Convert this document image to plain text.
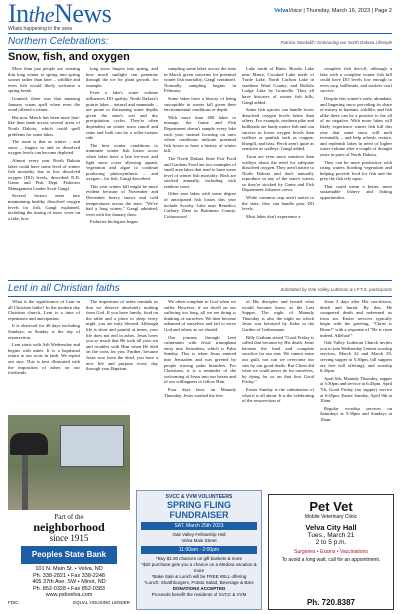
IntheNews
Whats happening in the area
VelvaVoice | Thursday, March 16, 2023 | Page 2
Northern Celebrations:	Patricia Stockdill / Embracing our North Dakota Lifestyle
Snow, fish, and oxygen

More than just people are wearing thin long winter to spring into spring sooner rather than later – wildlife and even fish would likely welcome a spring break.

Granted, there was that amazing January warm spell when even the wind offered a winter.

But now March has been more lion-like than lamb across several areas of North Dakota, which could spell problems for some lakes.

The issue is that as winter – and snow – lingers so and so dissolved oxygen levels can become depleted.

Almost every year North Dakota lakes could have some level of winter fish mortality due to low dissolved oxygen (DO) levels, described N.D. Game and Fish Dept. Fisheries Management Leader Scott Gangl.

Several factors enter into maintaining healthy dissolved oxygen levels for fish, Gangl explained, including the timing of snow cover on a lake, how

long snow lingers into spring, and how much sunlight can penetrate through the ice for plant growth, for example.

Even a lake's water volume influences DO quality. North Dakota's prairie lakes – natural and manmade – are prone to fluctuating water depths given the state's wet and dry precipitation cycles. They're often dependent on winter snow runoff and rains and both can be a roller-coaster ride.

The best winter conditions to minimize winter fish losses occur when lakes have a late ice-over and light snow cover allowing aquatic vegetation and algae to continue producing photosynthesis – and oxygen – for fish, Gangl described.

This year winter kill might be more evident because of November and December heavy snows and cold temperatures across the state. "We've had a long winter," Gangl admitted, even with the January thaw.

Fisheries biologists began

sampling some lakes across the state in March given concerns for potential winter fish mortality, Gangl continued. Normally sampling begins in February.

Some lakes have a history of being susceptible to winter kill given their environmental conditions or depth.

With more than 400 lakes to manage, the Game and Fish Department doesn't sample every lake each year, instead focusing on ones where conditions indicate potential fish losses or have a history of winter kill.

The North Dakota State Fair Food and Gardens Food are two examples of small area lakes that tend to have some level of winter fish mortality. Both are stocked annually, including with rainbow trout.

Other area lakes with some degree of anticipated fish losses this year include Scooby Lake near Benedict, Carbury Dam in Bottineau County, Cottonwood

Lake north of Butte, Brooks Lake near Minot, Crooked Lake north of Turtle Lake, North Carlson Lake in southern Ward County, and Buffalo Lodge Lake by Granville. They all have histories of winter fish kills, Gangl added.

Some fish species can handle lower dissolved oxygen levels better than others. For example, northern pike and bullheads are hardy native fish and can survive in lower oxygen levels than walleye or panfish such as crappie, bluegill, and bass. Perch aren't quite as sensitive as walleye, Gangl added.

Trout are even more sensitive than walleye about the need for adequate dissolved oxygen. They aren't native to North Dakota and don't naturally reproduce in any of the state's waters so they're stocked by Game and Fish Department fisheries crews.

While common carp aren't native to the state, they can handle poor DO levels.

Most lakes don't experience a

complete fish die-off, although a lake with a complete winter fish kill could have DO levels low enough to even carp, bullheads, and suckers can't survive.

Despite this winter's early, abundant, and lingering snow providing its share of misery to humans, wildlife, and fish alike there can be a positive to the all of no negative. With more lakes will likely experience winter fish kill this year that same snow will melt eventually – and help refresh, restore, and replenish lakes in need of higher water volume after a couple of drought years in parts of North Dakota.

They can be more productive with rising waters flooding vegetation and helping provide food for fish and the prey the fish rely upon.

That could mean a better, more sustainable fishery and fishing opportunities.

Lent in all Christian faiths	Submitted by Oak Valley Lutheran & I.F.T.S. participants

What is the significance of Lent in all Christian faiths? In the modern day Christian church, Lent is a time of repentance and anticipation.

It is observed for 40 days excluding Sundays, as Sunday is the day of resurrection.

Lent starts with Ash Wednesday and begins with ashes. It is a baptismal return to our roots in faith. We repent our sins. This is best illustrated with the imposition of ashes on our foreheads.

The imposition of ashes reminds us that we deserve absolutely nothing from God. If you have family, food on the table and a place to sleep every night, you are truly blessed. Although life is short and painful at times, your life does not end in ashes. Jesus loves you so much that He took all your sin and troubles with Him when He died on the cross for you. Further, because Jesus rose from the dead, you have a new life and purpose every day through your Baptism.

We often complain to God when we suffer. However, if we dwell on our suffering too long, all we are doing is thinking of ourselves. We then become ashamed of ourselves and fail to serve God and others as we should.

Our journey through Lent culminates with Jesus' triumphant entry into Jerusalem, which is Palm Sunday. This is when Jesus entered into Jerusalem and was greeted by people waving palm branches. For Christians, it is a reminder of the welcoming of Jesus into our hearts and of our willingness to follow Him.

Four days later, on Maundy Thursday, Jesus washed the feet

of His disciples and hosted what would become know as the Last Supper. The night of Maundy Thursday is also the night on which Jesus was betrayed by Judas in the Garden of Gethsemane.

Billy Graham stated "Good Friday is called that because by His death, Jesus became the final and complete sacrifice for our sins. We cannot erase our guilt, nor can we overcome our sins by our good deeds. But Christ did what we could never do for ourselves, by dying for us on that first Good Friday."

Easter Sunday is the culmination of what it is all about. It is the celebrating of the resurrection of

Jesus 3 days after His crucifixion, death and burial. By this, He conquered death and redeemed us from sin. Easter services typically begin with the greeting, "Christ is Risen!" with a response of "He is risen indeed. Alleluia!"

Oak Valley Lutheran Church invites you to join Wednesday Lenten worship services, March 22 and March 29, serving supper at 5:30pm, (all suppers are free will offering), and worship 6:45pm.

April 6th, Maundy Thursday, supper at 5:30pm and service at 6:45pm. April 7th, Good Friday (no supper) service at 6:45pm. Easter Sunday, April 9th at 10am.

Regular worship services on Saturdays at 5:30pm and Sundays at 10am.

Part of the
neighborhood
since 1915
Peoples State Bank
101 N. Main St. • Velva, ND
Ph. 338-2821 • Fax 338-2248
405 37th Ave. SW • Minot, ND
Ph. 852-0328 • Fax 852-0383
www.psbvelva.com
FDIC	EQUAL HOUSING LENDER
SVCC & VVM VOLUNTEERS
SPRING FLING FUNDRAISER
SAT. March 25th 2023
Oak Valley Fellowship Hall
Velva Main Street
11:00am - 2:00pm
*Buy $1.00 chances on gift baskets & more
*$20 purchase gets you a chance on a Medora vacation & more
*Bake Sale & Lunch will be FREE WILL offering
*Lunch: Sloathburgers, Potato Salad, Beverage & Bars
DONATIONS ACCEPTED
Proceeds benefit the residents of SVCC & VVM
Pet Vet
Mobile Veterinary Clinic
Velva City Hall
Tues., March 21
2 to 5 p.m.
Surgeries • Exams • Vaccinations
To avoid a long wait, call for an appointment.
Ph. 720.8387
